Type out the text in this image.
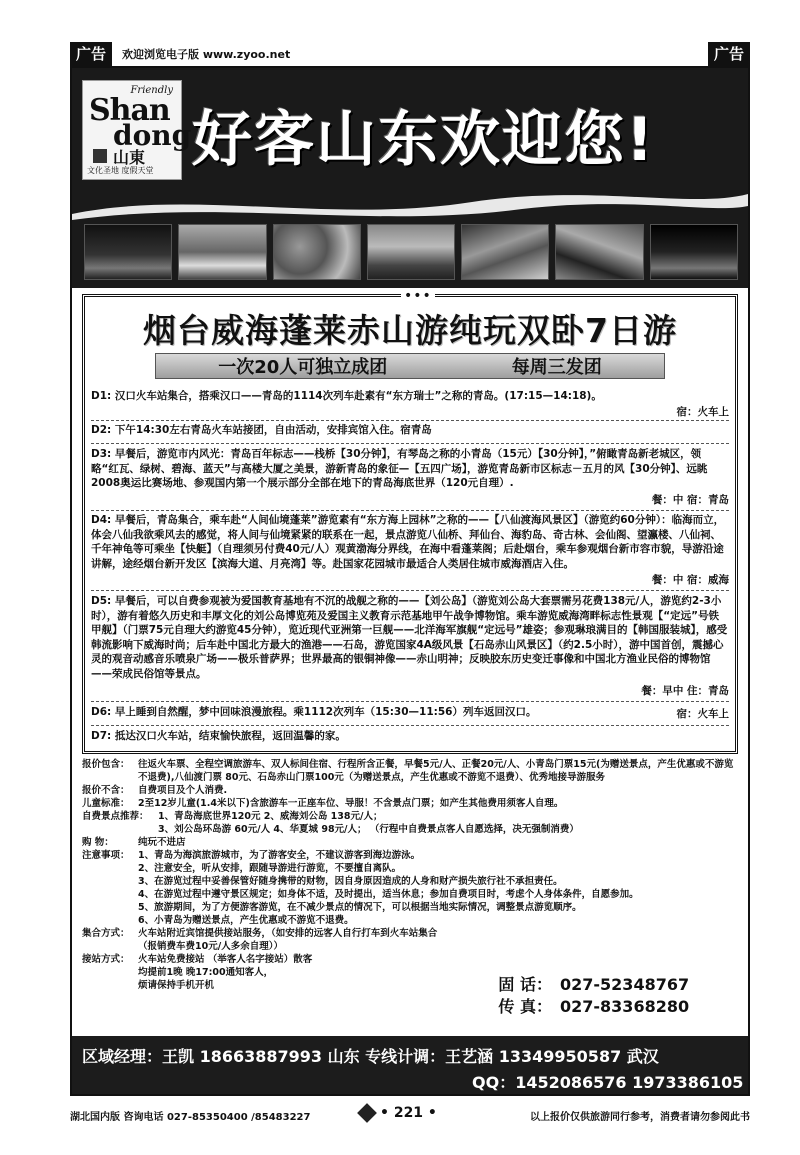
广告	欢迎浏览电子版 www.zyoo.net	广告
Friendly
Shan
dong
山東
文化圣地 度假天堂 好客山东欢迎您!
•••
烟台威海蓬莱赤山游纯玩双卧7日游
一次20人可独立成团	每周三发团
D1: 汉口火车站集合，搭乘汉口——青岛的1114次列车赴素有“东方瑞士”之称的青岛。(17:15—14:18)。
宿：火车上
D2: 下午14:30左右青岛火车站接团，自由活动，安排宾馆入住。宿青岛
D3: 早餐后，游览市内风光：青岛百年标志——栈桥【30分钟】，有琴岛之称的小青岛（15元）【30分钟】，”俯瞰青岛新老城区，领略“红瓦、绿树、碧海、蓝天”与高楼大厦之美景，游新青岛的象征—【五四广场】，游览青岛新市区标志－五月的风【30分钟】、远眺2008奥运比赛场地、参观国内第一个展示部分全部在地下的青岛海底世界（120元自理）.
餐：中 宿：青岛
D4: 早餐后，青岛集合，乘车赴“人间仙境蓬莱”游览素有“东方海上园林”之称的——【八仙渡海风景区】（游览约60分钟）：临海而立，体会八仙我欲乘风去的感觉，将人间与仙境紧紧的联系在一起，景点游览八仙桥、拜仙台、海豹岛、奇古林、会仙阁、望瀛楼、八仙祠、千年神龟等可乘坐【快艇】（自理须另付费40元/人）观黄渤海分界线，在海中看蓬莱阁；后赴烟台，乘车参观烟台新市容市貌，导游沿途讲解，途经烟台新开发区【滨海大道、月亮湾】等。赴国家花园城市最适合人类居住城市威海酒店入住。
餐：中 宿：威海
D5: 早餐后，可以自费参观被为爱国教育基地有不沉的战舰之称的——【刘公岛】（游览刘公岛大套票需另花费138元/人，游览约2-3小时），游有着悠久历史和丰厚文化的刘公岛博览苑及爱国主义教育示范基地甲午战争博物馆。乘车游览威海湾畔标志性景观【“定远”号铁甲舰】（门票75元自理大约游览45分钟），览近现代亚洲第一巨舰——北洋海军旗舰“定远号”雄姿；参观琳琅满目的【韩国服装城】，感受韩流影响下威海时尚；后车赴中国北方最大的渔港——石岛，游览国家4A级风景【石岛赤山风景区】（约2.5小时），游中国首创，震撼心灵的观音动感音乐喷泉广场——极乐普萨界；世界最高的银铜神像——赤山明神；反映胶东历史变迁事像和中国北方渔业民俗的博物馆——荣成民俗馆等景点。
餐：早中 住：青岛
D6: 早上睡到自然醒，梦中回味浪漫旅程。乘1112次列车（15:30—11:56）列车返回汉口。	宿：火车上
D7: 抵达汉口火车站，结束愉快旅程，返回温馨的家。
报价包含： 往返火车票、全程空调旅游车、双人标间住宿、行程所含正餐，早餐5元/人、正餐20元/人、小青岛门票15元(为赠送景点，产生优惠或不游览不退费),八仙渡门票 80元、石岛赤山门票100元（为赠送景点，产生优惠或不游览不退费）、优秀地接导游服务
报价不含： 自费项目及个人消费.
儿童标准： 2至12岁儿童(1.4米以下)含旅游车一正座车位、导服！不含景点门票；如产生其他费用须客人自理。
自费景点推荐： 1、青岛海底世界120元 2、威海刘公岛 138元/人；
3、刘公岛环岛游 60元/人 4、华夏城 98元/人； （行程中自费景点客人自愿选择，决无强制消费）
购 物：	纯玩不进店
注意事项： 1、青岛为海滨旅游城市，为了游客安全，不建议游客到海边游泳。
2、注意安全，听从安排，跟随导游进行游览，不要擅自离队。
3、在游览过程中妥善保管好随身携带的财物，因自身原因造成的人身和财产损失旅行社不承担责任。
4、在游览过程中遵守景区规定；如身体不适，及时提出，适当休息；参加自费项目时，考虑个人身体条件，自愿参加。
5、旅游期间，为了方便游客游览，在不减少景点的情况下，可以根据当地实际情况，调整景点游览顺序。
6、小青岛为赠送景点，产生优惠或不游览不退费。
集合方式： 火车站附近宾馆提供接站服务，（如安排的远客人自行打车到火车站集合
（报销费车费10元/人多余自理））
接站方式： 火车站免费接站 （举客人名字接站）散客
均提前1晚 晚17:00通知客人，
烦请保持手机开机	固 话： 027-52348767
传 真： 027-83368280
区域经理：王凯 18663887993 山东 专线计调：王艺涵 13349950587 武汉
QQ：1452086576 1973386105
湖北国内版 咨询电话 027-85350400 /85483227	• 221 •	以上报价仅供旅游同行参考，消费者请勿参阅此书
